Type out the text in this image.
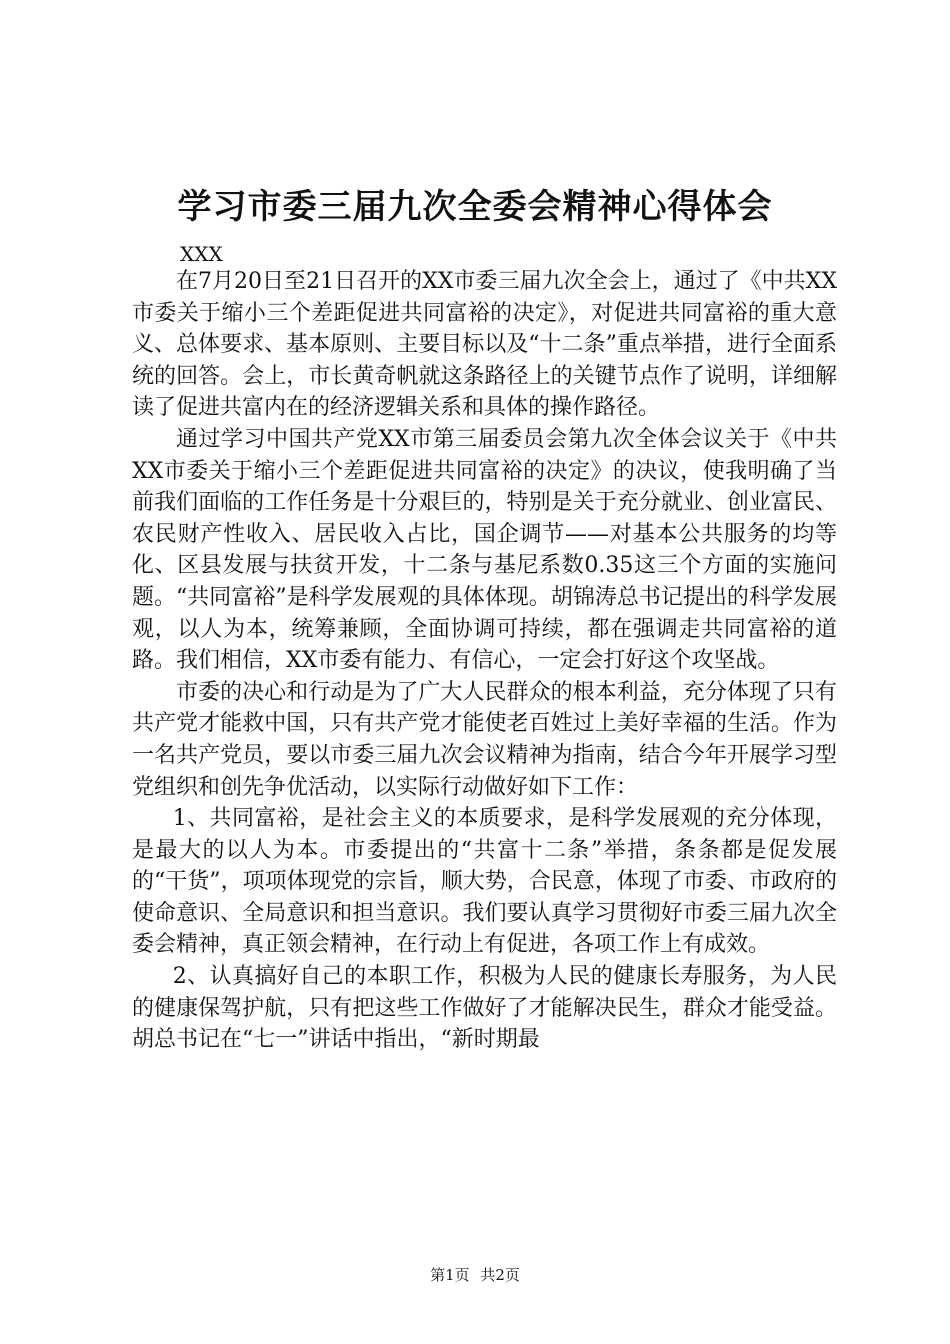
学习市委三届九次全委会精神心得体会

XXX

在7月20日至21日召开的XX市委三届九次全会上，通过了《中共XX市委关于缩小三个差距促进共同富裕的决定》，对促进共同富裕的重大意义、总体要求、基本原则、主要目标以及“十二条”重点举措，进行全面系统的回答。会上，市长黄奇帆就这条路径上的关键节点作了说明，详细解读了促进共富内在的经济逻辑关系和具体的操作路径。

通过学习中国共产党XX市第三届委员会第九次全体会议关于《中共XX市委关于缩小三个差距促进共同富裕的决定》的决议，使我明确了当前我们面临的工作任务是十分艰巨的，特别是关于充分就业、创业富民、农民财产性收入、居民收入占比，国企调节——对基本公共服务的均等化、区县发展与扶贫开发，十二条与基尼系数0.35这三个方面的实施问题。“共同富裕”是科学发展观的具体体现。胡锦涛总书记提出的科学发展观，以人为本，统筹兼顾，全面协调可持续，都在强调走共同富裕的道路。我们相信，XX市委有能力、有信心，一定会打好这个攻坚战。

市委的决心和行动是为了广大人民群众的根本利益，充分体现了只有共产党才能救中国，只有共产党才能使老百姓过上美好幸福的生活。作为一名共产党员，要以市委三届九次会议精神为指南，结合今年开展学习型党组织和创先争优活动，以实际行动做好如下工作：

1、共同富裕，是社会主义的本质要求，是科学发展观的充分体现，是最大的以人为本。市委提出的“共富十二条”举措，条条都是促发展的“干货”，项项体现党的宗旨，顺大势，合民意，体现了市委、市政府的使命意识、全局意识和担当意识。我们要认真学习贯彻好市委三届九次全委会精神，真正领会精神，在行动上有促进，各项工作上有成效。

2、认真搞好自己的本职工作，积极为人民的健康长寿服务，为人民的健康保驾护航，只有把这些工作做好了才能解决民生，群众才能受益。胡总书记在“七一”讲话中指出，“新时期最

第1页 共2页
